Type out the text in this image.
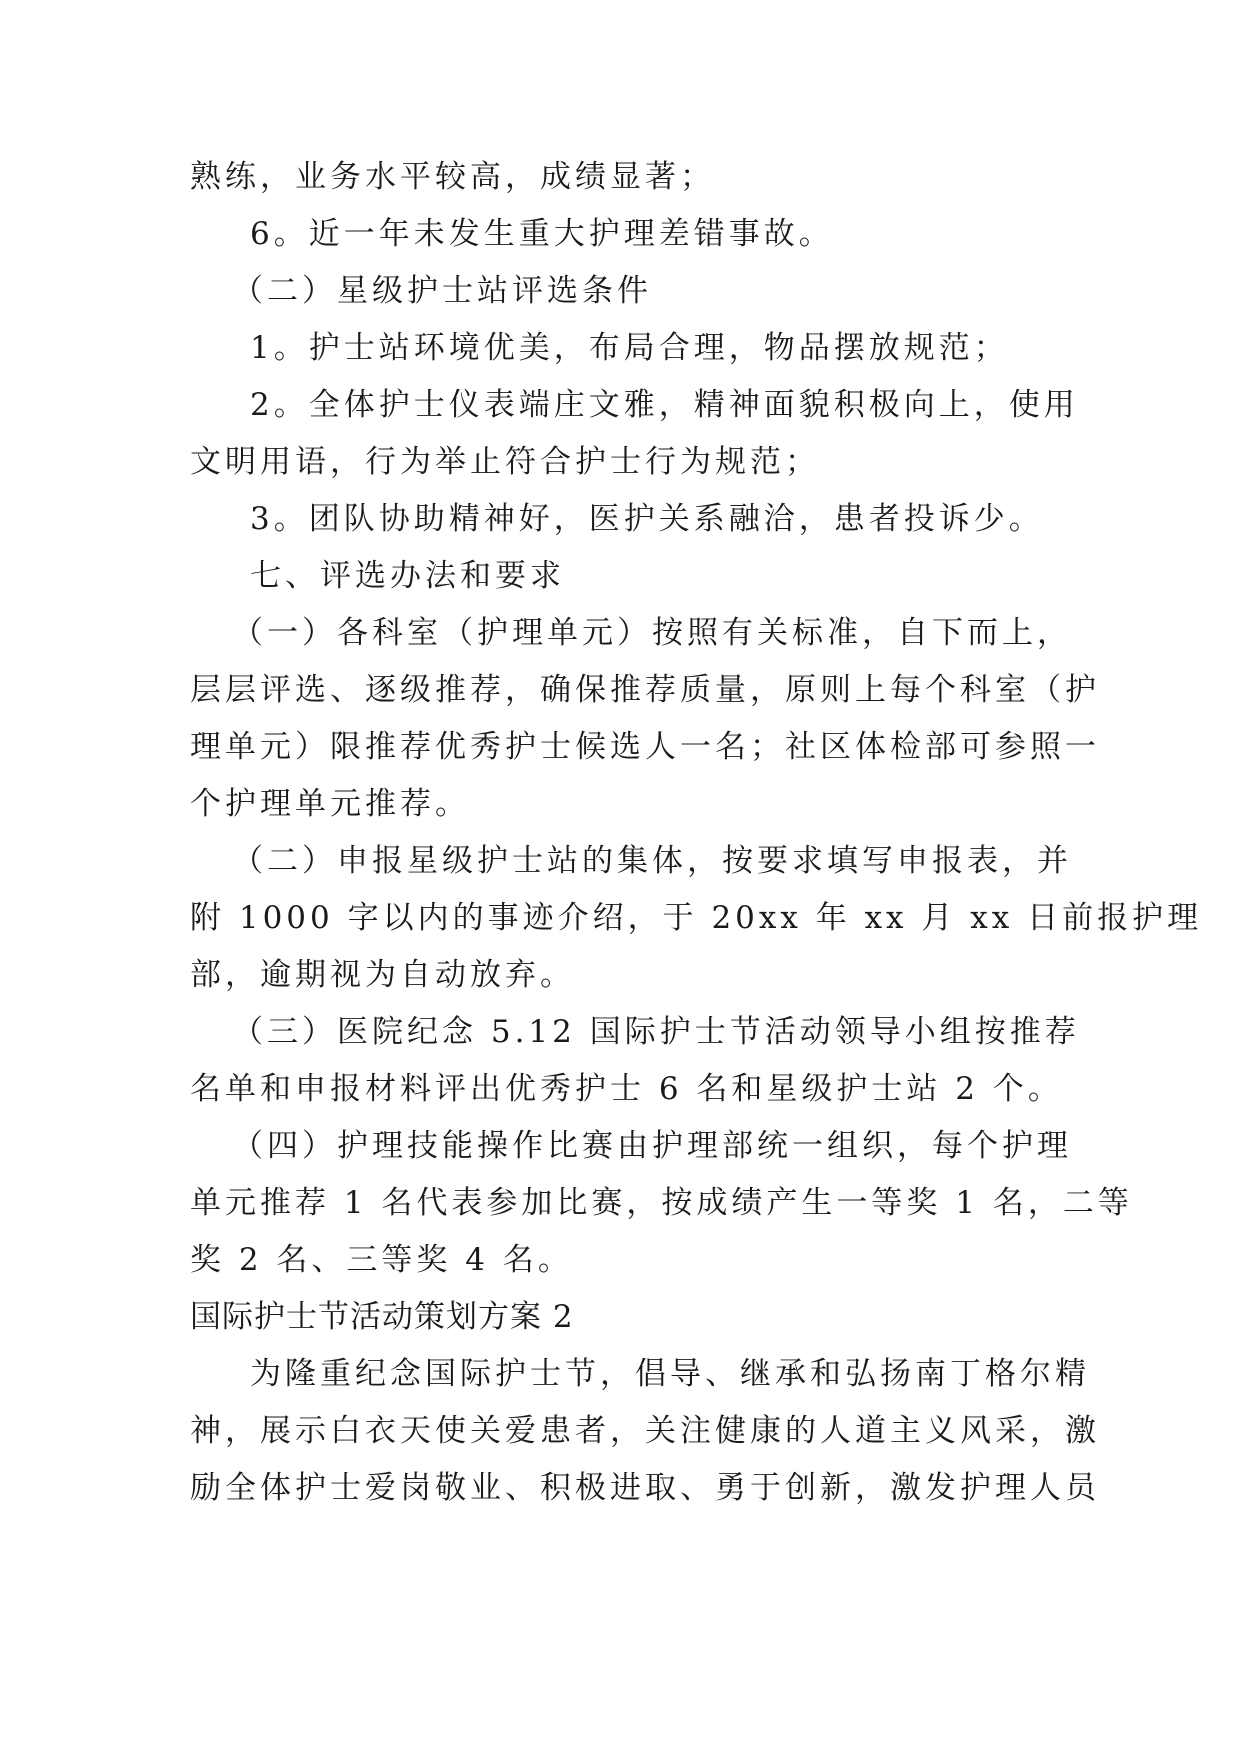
熟练，业务水平较高，成绩显著；
6。近一年未发生重大护理差错事故。
（二）星级护士站评选条件
1。护士站环境优美，布局合理，物品摆放规范；
2。全体护士仪表端庄文雅，精神面貌积极向上，使用
文明用语，行为举止符合护士行为规范；
3。团队协助精神好，医护关系融洽，患者投诉少。
七、评选办法和要求
（一）各科室（护理单元）按照有关标准，自下而上，
层层评选、逐级推荐，确保推荐质量，原则上每个科室（护
理单元）限推荐优秀护士候选人一名；社区体检部可参照一
个护理单元推荐。
（二）申报星级护士站的集体，按要求填写申报表，并
附 1000 字以内的事迹介绍，于 20xx 年 xx 月 xx 日前报护理
部，逾期视为自动放弃。
（三）医院纪念 5.12 国际护士节活动领导小组按推荐
名单和申报材料评出优秀护士 6 名和星级护士站 2 个。
（四）护理技能操作比赛由护理部统一组织，每个护理
单元推荐 1 名代表参加比赛，按成绩产生一等奖 1 名，二等
奖 2 名、三等奖 4 名。
国际护士节活动策划方案 2
为隆重纪念国际护士节，倡导、继承和弘扬南丁格尔精
神，展示白衣天使关爱患者，关注健康的人道主义风采，激
励全体护士爱岗敬业、积极进取、勇于创新，激发护理人员
